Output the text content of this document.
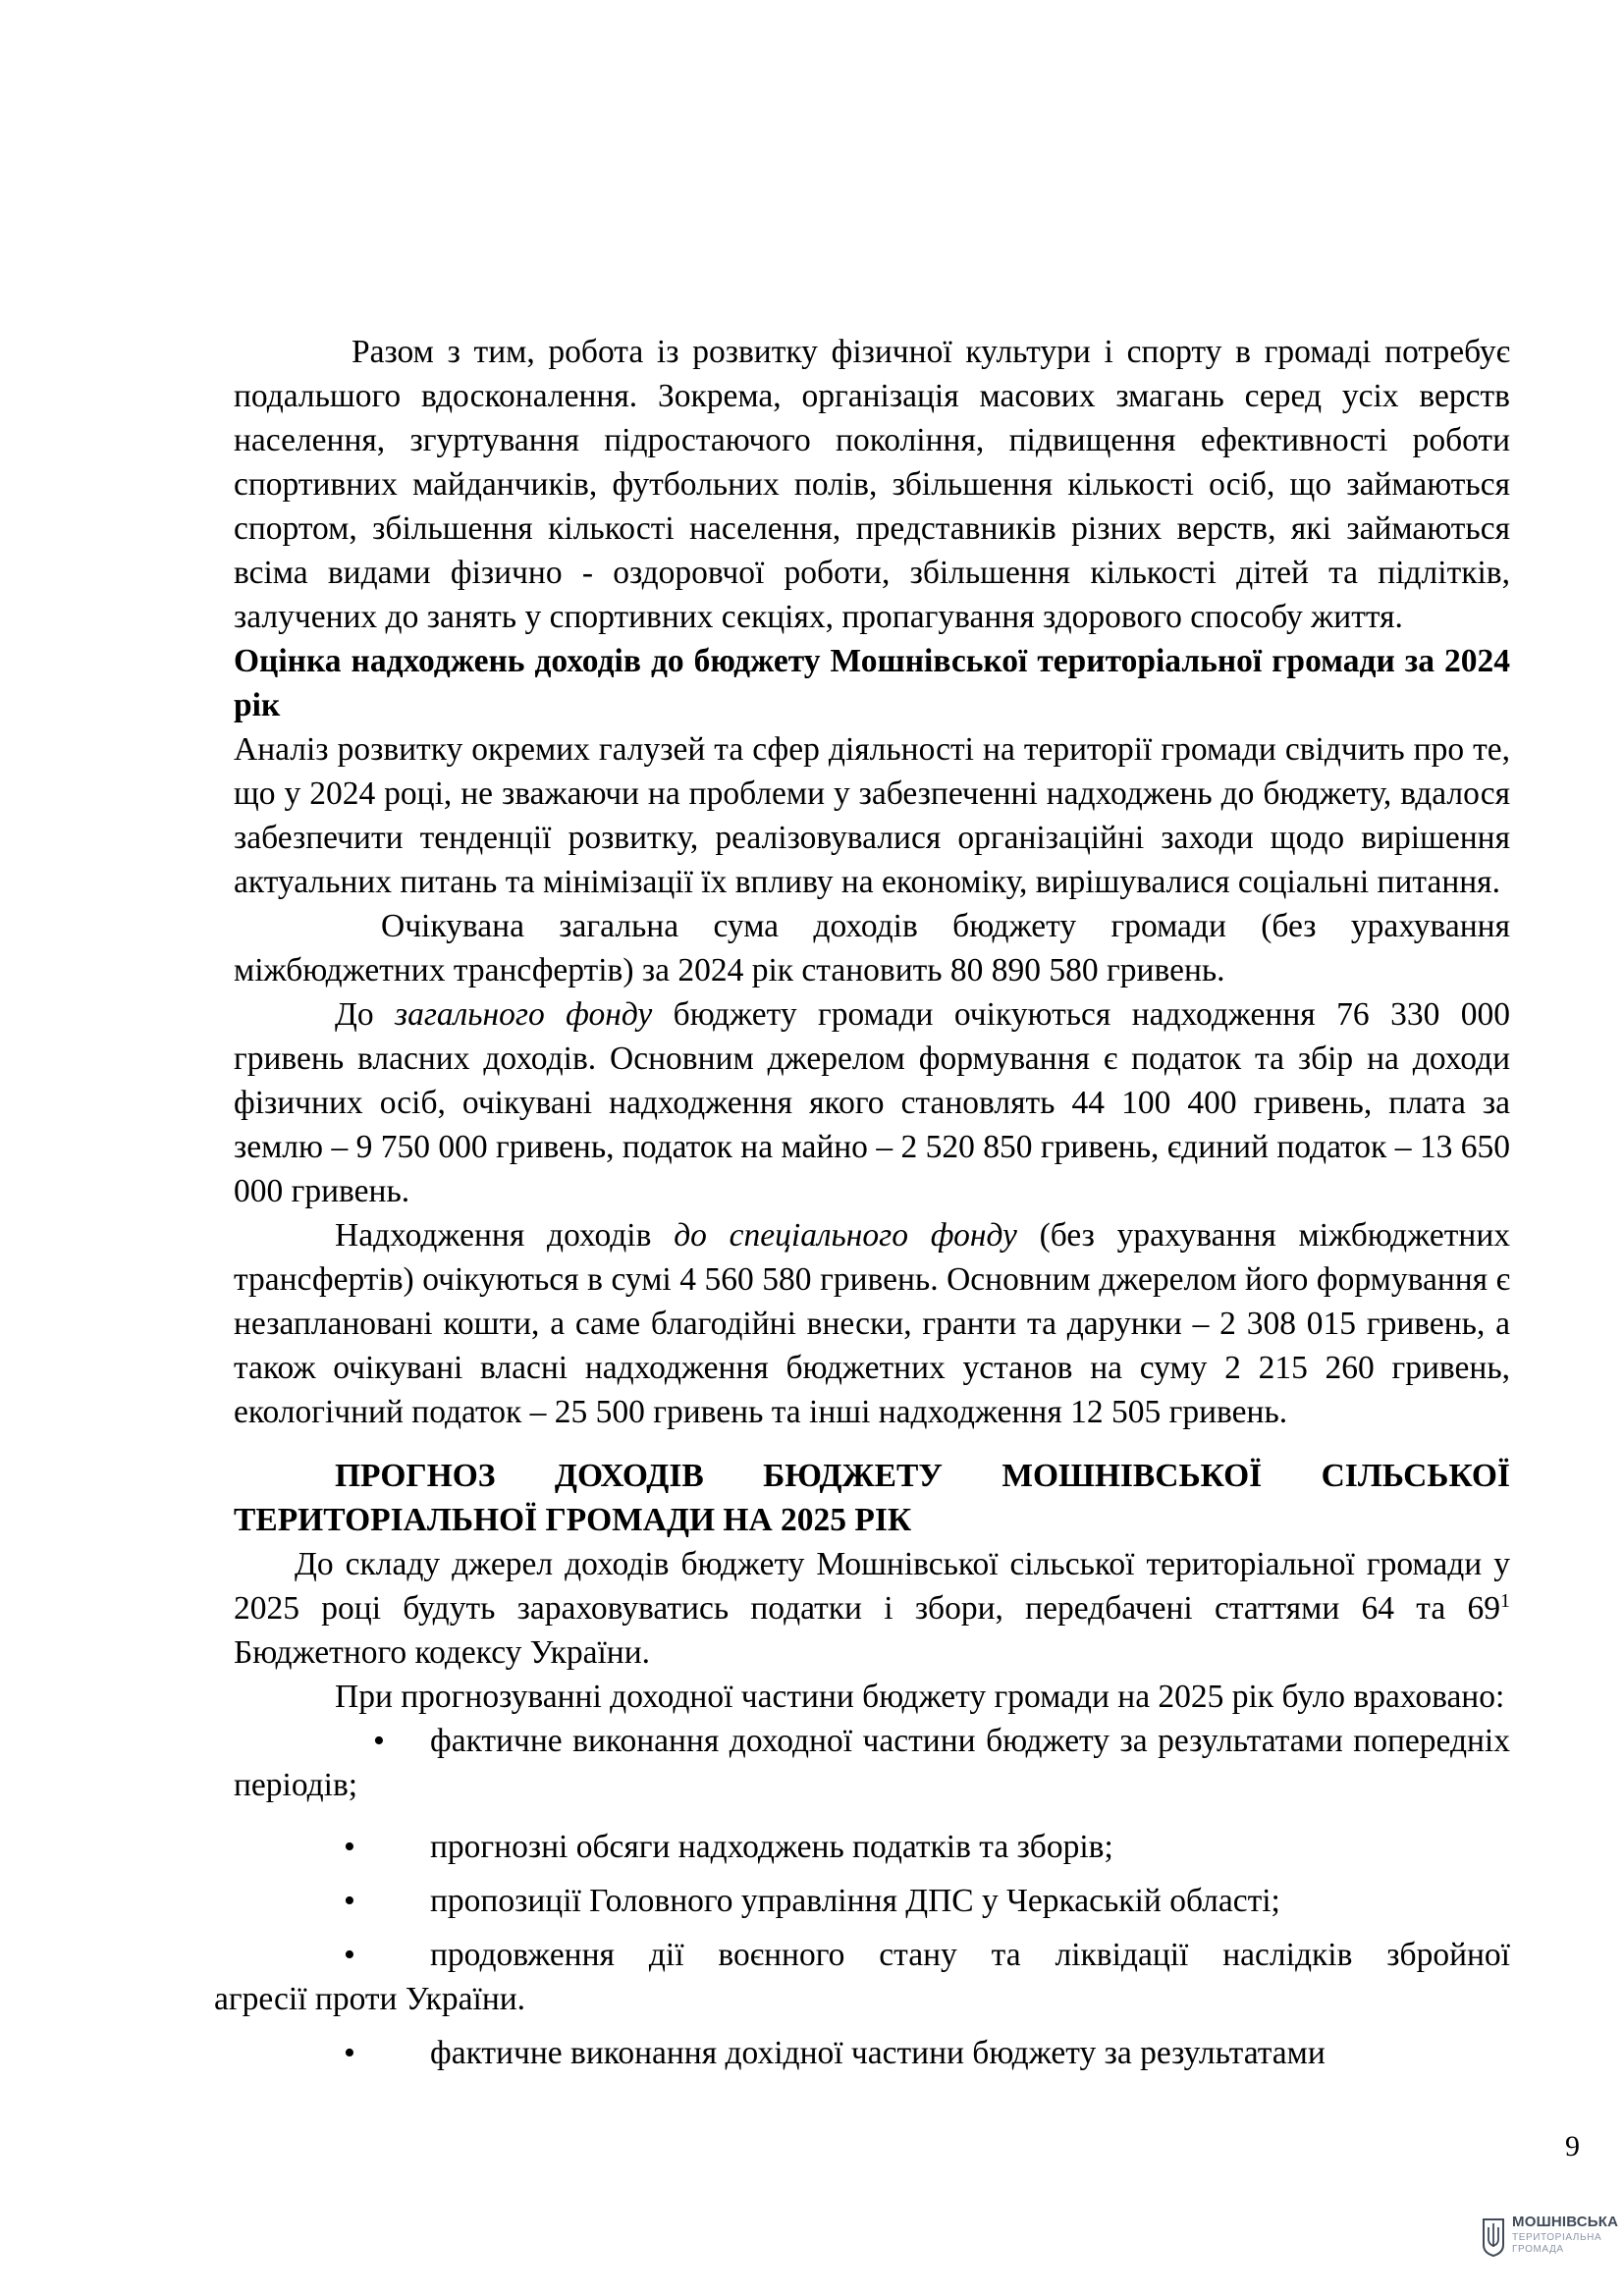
Разом з тим, робота із розвитку фізичної культури і спорту в громаді потребує подальшого вдосконалення. Зокрема, організація масових змагань серед усіх верств населення, згуртування підростаючого покоління, підвищення ефективності роботи спортивних майданчиків, футбольних полів, збільшення кількості осіб, що займаються спортом, збільшення кількості населення, представників різних верств, які займаються всіма видами фізично - оздоровчої роботи, збільшення кількості дітей та підлітків, залучених до занять у спортивних секціях, пропагування здорового способу життя.

Оцінка надходжень доходів до бюджету Мошнівської територіальної громади за 2024 рік

Аналіз розвитку окремих галузей та сфер діяльності на території громади свідчить про те, що у 2024 році, не зважаючи на проблеми у забезпеченні надходжень до бюджету, вдалося забезпечити тенденції розвитку, реалізовувалися організаційні заходи щодо вирішення актуальних питань та мінімізації їх впливу на економіку, вирішувалися соціальні питання.

Очікувана загальна сума доходів бюджету громади (без урахування міжбюджетних трансфертів) за 2024 рік становить 80 890 580 гривень.

До загального фонду бюджету громади очікуються надходження 76 330 000 гривень власних доходів. Основним джерелом формування є податок та збір на доходи фізичних осіб, очікувані надходження якого становлять 44 100 400 гривень, плата за землю – 9 750 000 гривень, податок на майно – 2 520 850 гривень, єдиний податок – 13 650 000 гривень.

Надходження доходів до спеціального фонду (без урахування міжбюджетних трансфертів) очікуються в сумі 4 560 580 гривень. Основним джерелом його формування є незаплановані кошти, а саме благодійні внески, гранти та дарунки – 2 308 015 гривень, а також очікувані власні надходження бюджетних установ на суму 2 215 260 гривень, екологічний податок – 25 500 гривень та інші надходження 12 505 гривень.

ПРОГНОЗ ДОХОДІВ БЮДЖЕТУ МОШНІВСЬКОЇ СІЛЬСЬКОЇ ТЕРИТОРІАЛЬНОЇ ГРОМАДИ НА 2025 РІК

До складу джерел доходів бюджету Мошнівської сільської територіальної громади у 2025 році будуть зараховуватись податки і збори, передбачені статтями 64 та $69^1$ Бюджетного кодексу України.

При прогнозуванні доходної частини бюджету громади на 2025 рік було враховано:

•	фактичне виконання доходної частини бюджету за результатами попередніх періодів;
•	прогнозні обсяги надходжень податків та зборів;
•	пропозиції Головного управління ДПС у Черкаській області;
•	продовження дії воєнного стану та ліквідації наслідків збройної
агресії проти України.
•	фактичне виконання дохідної частини бюджету за результатами
9
МОШНІВСЬКА
ТЕРИТОРІАЛЬНА
ГРОМАДА
